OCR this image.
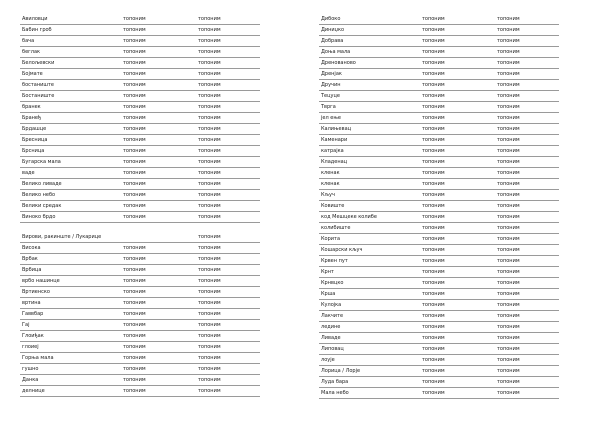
Авиловци	топоним	топоним
Бабин гроб	топоним	топоним
бача	топоним	топоним
беглак	топоним	топоним
Белољевски	топоним	топоним
Бојмате	топоним	топоним
бостаниште	топоним	топоним
Бостаниште	топоним	топоним
бранек	топоним	топоним
Бранеђ	топоним	топоним
Брдашце	топоним	топоним
Бресница	топоним	топоним
Брсница	топоним	топоним
Бугарска мала	топоним	топоним
ваде	топоним	топоним
Велико ливаде	топоним	топоним
Велико небо	топоним	топоним
Велики средак	топоним	топоним
Виноко брдо	топоним	топоним
Вирови, ракинште / Лукарице		топоним
Висока	топоним	топоним
Врбак	топоним	топоним
Врбица	топоним	топоним
врбо нашинце	топоним	топоним
Вртиенско	топоним	топоним
вртина	топоним	топоним
Гаввбар	топоним	топоним
Гај	топоним	топоним
Глоиђак	топоним	топоним
глоиеј	топоним	топоним
Горња мала	топоним	топоним
гушно	топоним	топоним
Данка	топоним	топоним
делнице	топоним	топоним
Дибоко	топоним	топоним
Диниџко	топоним	топоним
Добрава	топоним	топоним
Доња мала	топоним	топоним
Дренованово	топоним	топоним
Дренјак	топоним	топоним
Дручин	топоним	топоним
Тецуце	топоним	топоним
Тврга	топоним	топоним
јел ење	топоним	топоним
Калињевац	топоним	топоним
Каменари	топоним	топоним
катрајка	топоним	топоним
Кладенац	топоним	топоним
кленак	топоним	топоним
кленак	топоним	топоним
Кључ	топоним	топоним
Ковиште	топоним	топоним
код Мешцеке колибе	топоним	топоним
колибиште	топоним	топоним
Корита	топоним	топоним
Кошарски кључ	топоним	топоним
Крвен пут	топоним	топоним
Крнт	топоним	топоним
Крнвцко	топоним	топоним
Крша	топоним	топоним
Кулојка	топоним	топоним
Лакчите	топоним	топоним
ледине	топоним	топоним
Ливаде	топоним	топоним
Липовац	топоним	топоним
лоује	топоним	топоним
Лорица / Лорје	топоним	топоним
Луда бара	топоним	топоним
Мала небо	топоним	топоним
